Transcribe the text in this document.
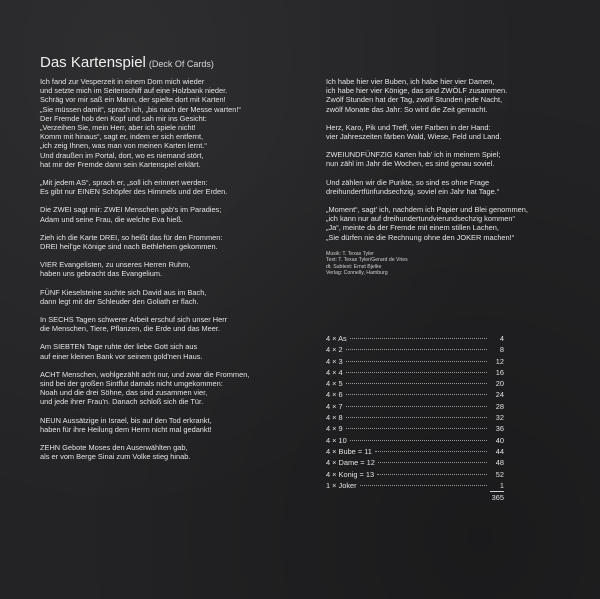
Das Kartenspiel (Deck Of Cards)
Ich fand zur Vesperzeit in einem Dom mich wieder
und setzte mich im Seitenschiff auf eine Holzbank nieder.
Schräg vor mir saß ein Mann, der spielte dort mit Karten!
„Sie müssen damit“, sprach ich, „bis nach der Messe warten!“
Der Fremde hob den Kopf und sah mir ins Gesicht:
„Verzeihen Sie, mein Herr, aber ich spiele nicht!
Komm mit hinaus“, sagt er, indem er sich entfernt,
„ich zeig Ihnen, was man von meinen Karten lernt.“
Und draußen im Portal, dort, wo es niemand stört,
hat mir der Fremde dann sein Kartenspiel erklärt.
„Mit jedem AS“, sprach er, „soll ich erinnert werden:
Es gibt nur EINEN Schöpfer des Himmels und der Erden.
Die ZWEI sagt mir: ZWEI Menschen gab's im Paradies;
Adam und seine Frau, die welche Eva hieß.
Zieh ich die Karte DREI, so heißt das für den Frommen:
DREI heil'ge Könige sind nach Bethlehem gekommen.
VIER Evangelisten, zu unseres Herren Ruhm,
haben uns gebracht das Evangelium.
FÜNF Kieselsteine suchte sich David aus im Bach,
dann legt mit der Schleuder den Goliath er flach.
In SECHS Tagen schwerer Arbeit erschuf sich unser Herr
die Menschen, Tiere, Pflanzen, die Erde und das Meer.
Am SIEBTEN Tage ruhte der liebe Gott sich aus
auf einer kleinen Bank vor seinem gold'nen Haus.
ACHT Menschen, wohlgezählt acht nur, und zwar die Frommen,
sind bei der großen Sintflut damals nicht umgekommen:
Noah und die drei Söhne, das sind zusammen vier,
und jede ihrer Frau'n. Danach schloß sich die Tür.
NEUN Aussätzige in Israel, bis auf den Tod erkrankt,
haben für ihre Heilung dem Herrn nicht mal gedankt!
ZEHN Gebote Moses den Auserwählten gab,
als er vom Berge Sinai zum Volke stieg hinab.
Ich habe hier vier Buben, ich habe hier vier Damen,
ich habe hier vier Könige, das sind ZWÖLF zusammen.
Zwölf Stunden hat der Tag, zwölf Stunden jede Nacht,
zwölf Monate das Jahr: So wird die Zeit gemacht.
Herz, Karo, Pik und Treff, vier Farben in der Hand:
vier Jahreszeiten färben Wald, Wiese, Feld und Land.
ZWEIUNDFÜNFZIG Karten hab' ich in meinem Spiel;
nun zähl im Jahr die Wochen, es sind genau soviel.
Und zählen wir die Punkte, so sind es ohne Frage
dreihundertfünfundsechzig, soviel ein Jahr hat Tage.“
„Moment“, sagt' ich, nachdem ich Papier und Blei genommen,
„ich kann nur auf dreihundertundvierundsechzig kommen“
„Ja“, meinte da der Fremde mit einem stillen Lachen,
„Sie dürfen nie die Rechnung ohne den JOKER machen!“
Musik: T. Texas Tyler
Text: T. Texas Tyler/Gerard de Vries
dt. Subtext: Ernst Bjelke
Verlag: Connelly, Hamburg
4 × As	4
4 × 2	8
4 × 3	12
4 × 4	16
4 × 5	20
4 × 6	24
4 × 7	28
4 × 8	32
4 × 9	36
4 × 10	40
4 × Bube = 11	44
4 × Dame = 12	48
4 × Konig = 13	52
1 × Joker	1
365
